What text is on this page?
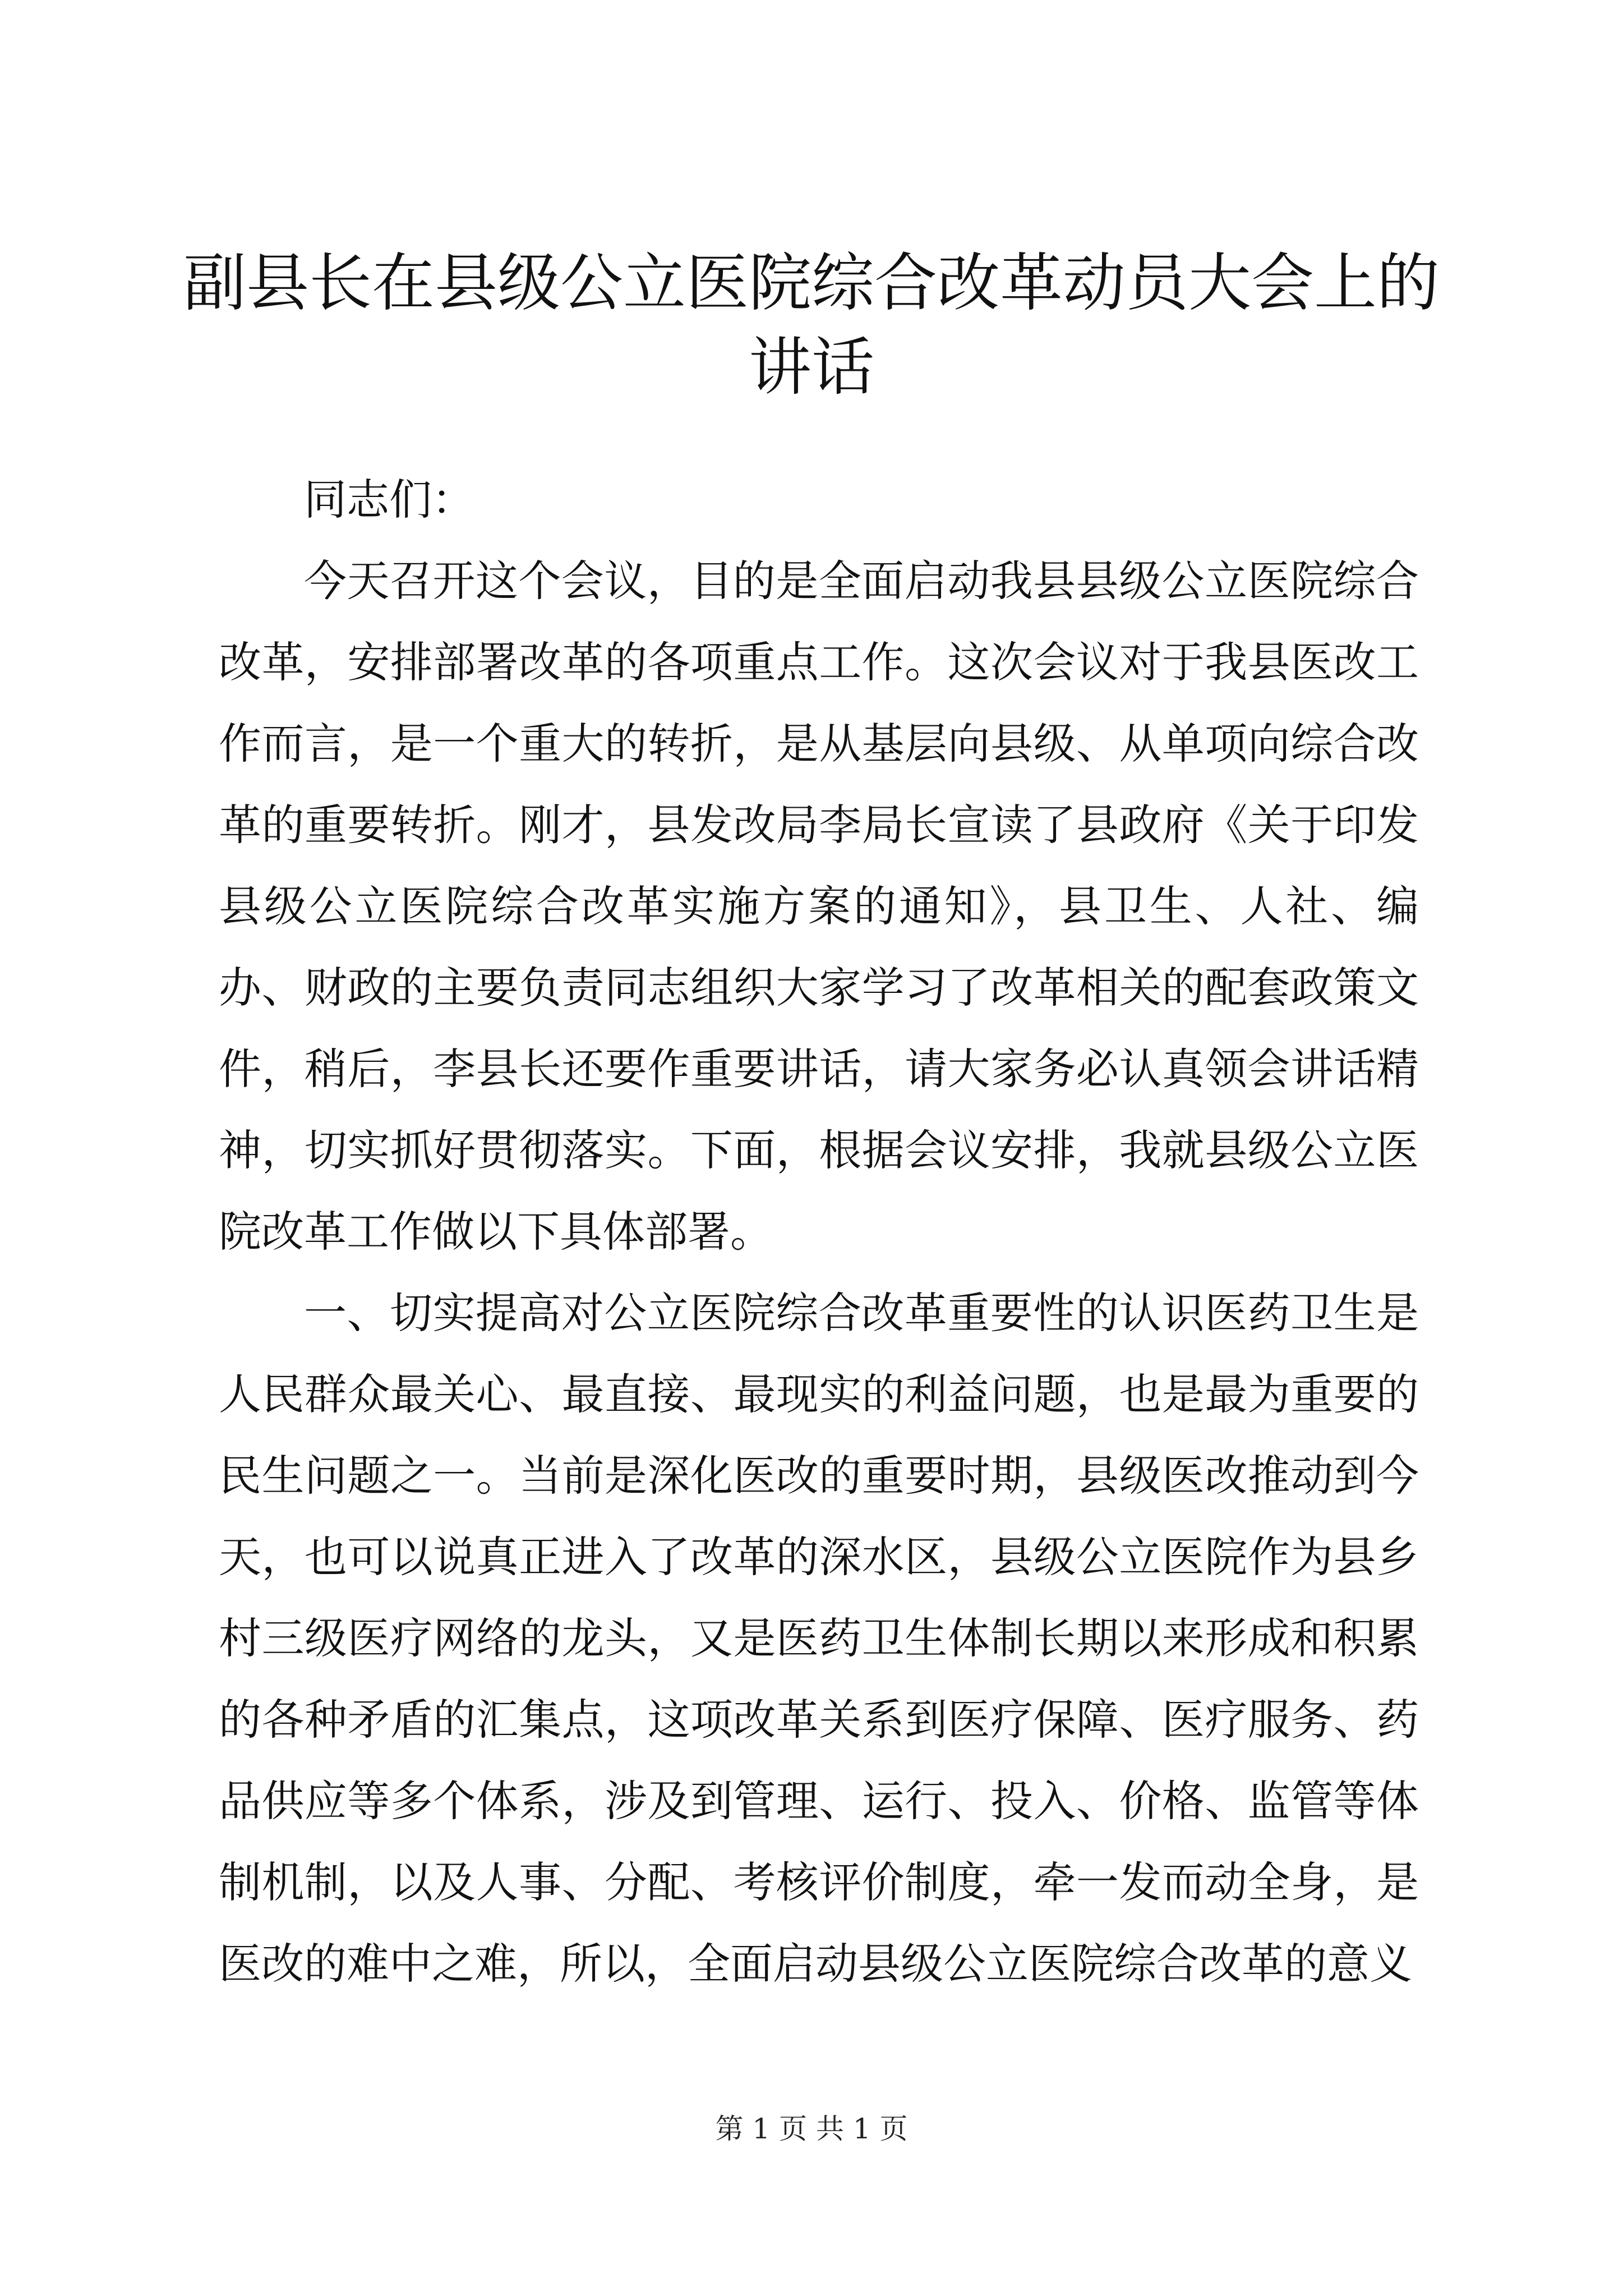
副县长在县级公立医院综合改革动员大会上的讲话

同志们：

今天召开这个会议，目的是全面启动我县县级公立医院综合改革，安排部署改革的各项重点工作。这次会议对于我县医改工作而言，是一个重大的转折，是从基层向县级、从单项向综合改革的重要转折。刚才，县发改局李局长宣读了县政府《关于印发县级公立医院综合改革实施方案的通知》，县卫生、人社、编办、财政的主要负责同志组织大家学习了改革相关的配套政策文件，稍后，李县长还要作重要讲话，请大家务必认真领会讲话精神，切实抓好贯彻落实。下面，根据会议安排，我就县级公立医院改革工作做以下具体部署。

一、切实提高对公立医院综合改革重要性的认识医药卫生是人民群众最关心、最直接、最现实的利益问题，也是最为重要的民生问题之一。当前是深化医改的重要时期，县级医改推动到今天，也可以说真正进入了改革的深水区，县级公立医院作为县乡村三级医疗网络的龙头，又是医药卫生体制长期以来形成和积累的各种矛盾的汇集点，这项改革关系到医疗保障、医疗服务、药品供应等多个体系，涉及到管理、运行、投入、价格、监管等体制机制，以及人事、分配、考核评价制度，牵一发而动全身，是医改的难中之难，所以，全面启动县级公立医院综合改革的意义

第 1 页 共 1 页
